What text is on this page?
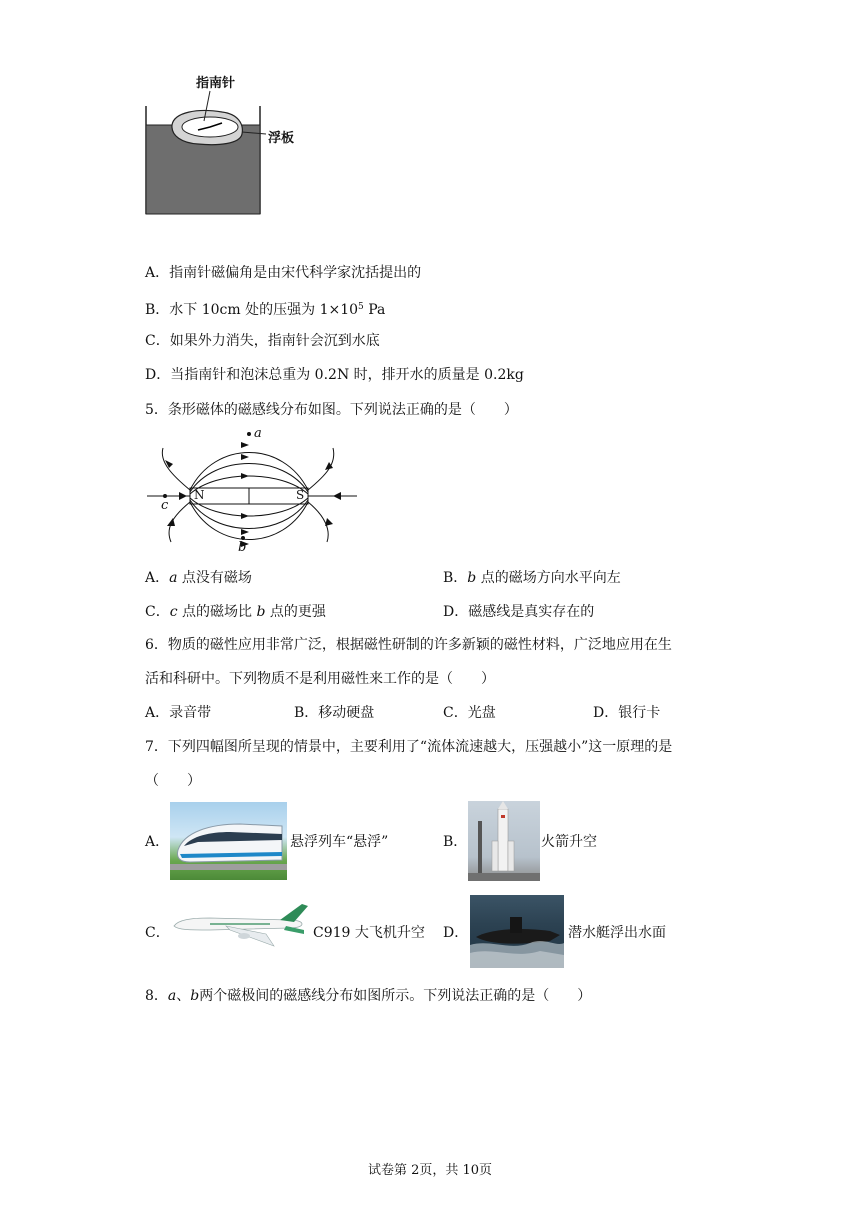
指南针
浮板
A．指南针磁偏角是由宋代科学家沈括提出的
B．水下 10cm 处的压强为 $1\times 10^5$ Pa
C．如果外力消失，指南针会沉到水底
D．当指南针和泡沫总重为 0.2N 时，排开水的质量是 0.2kg
5．条形磁体的磁感线分布如图。下列说法正确的是（　　）
a
c
b
N	S
A．a 点没有磁场	B．b 点的磁场方向水平向左
C．c 点的磁场比 b 点的更强	D．磁感线是真实存在的
6．物质的磁性应用非常广泛，根据磁性研制的许多新颖的磁性材料，广泛地应用在生
活和科研中。下列物质不是利用磁性来工作的是（　　）
A．录音带	B．移动硬盘	C．光盘	D．银行卡
7．下列四幅图所呈现的情景中，主要利用了“流体流速越大，压强越小”这一原理的是
（　　）
A．	悬浮列车“悬浮”	B．	火箭升空
C．	C919 大飞机升空 D．	潜水艇浮出水面
8．a、b两个磁极间的磁感线分布如图所示。下列说法正确的是（　　）
试卷第 2页，共 10页
